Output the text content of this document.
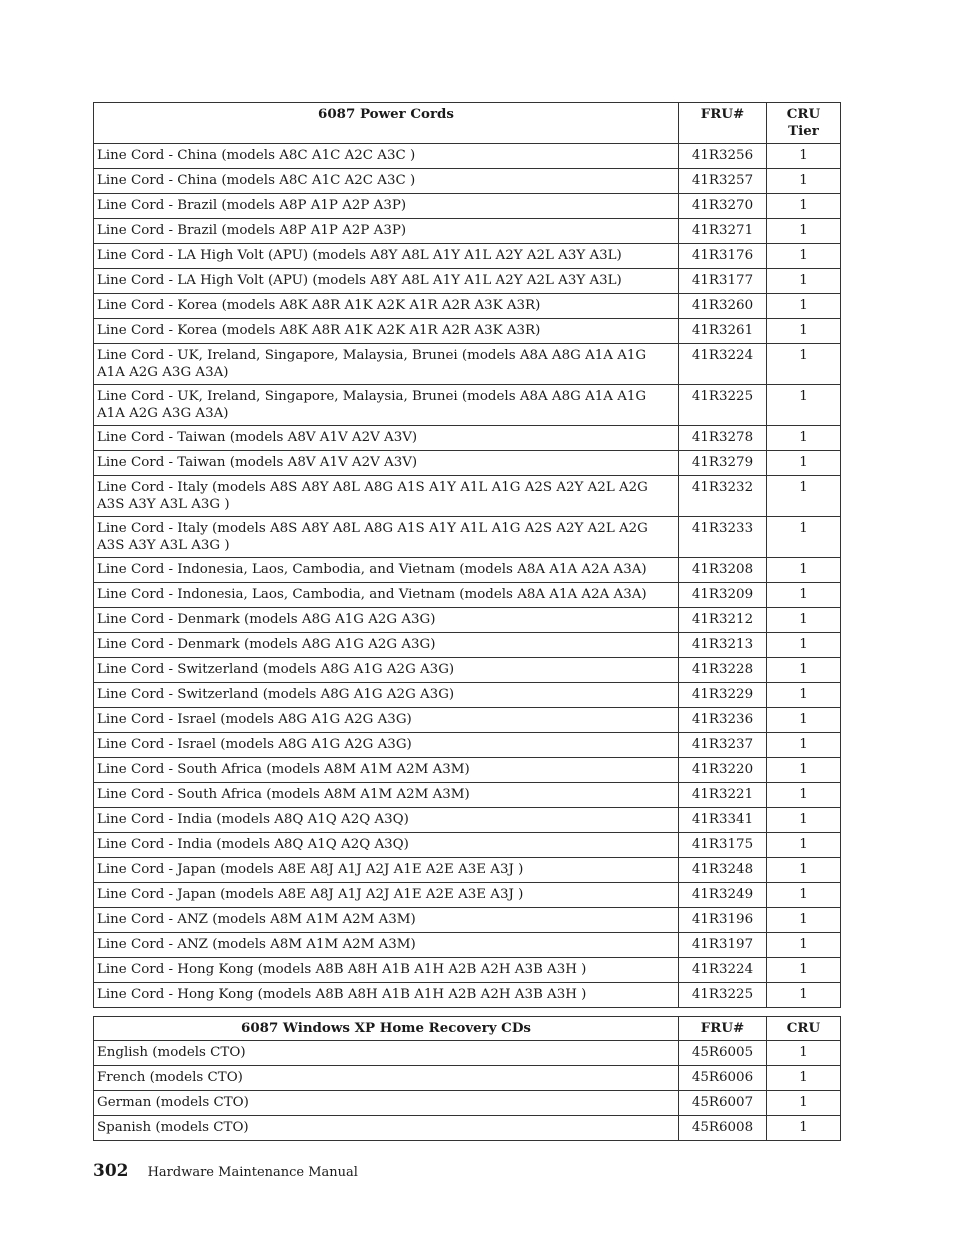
6087 Power Cords	FRU#	CRU Tier
Line Cord - China (models A8C A1C A2C A3C )	41R3256	1
Line Cord - China (models A8C A1C A2C A3C )	41R3257	1
Line Cord - Brazil (models A8P A1P A2P A3P)	41R3270	1
Line Cord - Brazil (models A8P A1P A2P A3P)	41R3271	1
Line Cord - LA High Volt (APU) (models A8Y A8L A1Y A1L A2Y A2L A3Y A3L)	41R3176	1
Line Cord - LA High Volt (APU) (models A8Y A8L A1Y A1L A2Y A2L A3Y A3L)	41R3177	1
Line Cord - Korea (models A8K A8R A1K A2K A1R A2R A3K A3R)	41R3260	1
Line Cord - Korea (models A8K A8R A1K A2K A1R A2R A3K A3R)	41R3261	1
Line Cord - UK, Ireland, Singapore, Malaysia, Brunei (models A8A A8G A1A A1G A1A A2G A3G A3A)	41R3224	1
Line Cord - UK, Ireland, Singapore, Malaysia, Brunei (models A8A A8G A1A A1G A1A A2G A3G A3A)	41R3225	1
Line Cord - Taiwan (models A8V A1V A2V A3V)	41R3278	1
Line Cord - Taiwan (models A8V A1V A2V A3V)	41R3279	1
Line Cord - Italy (models A8S A8Y A8L A8G A1S A1Y A1L A1G A2S A2Y A2L A2G A3S A3Y A3L A3G )	41R3232	1
Line Cord - Italy (models A8S A8Y A8L A8G A1S A1Y A1L A1G A2S A2Y A2L A2G A3S A3Y A3L A3G )	41R3233	1
Line Cord - Indonesia, Laos, Cambodia, and Vietnam (models A8A A1A A2A A3A)	41R3208	1
Line Cord - Indonesia, Laos, Cambodia, and Vietnam (models A8A A1A A2A A3A)	41R3209	1
Line Cord - Denmark (models A8G A1G A2G A3G)	41R3212	1
Line Cord - Denmark (models A8G A1G A2G A3G)	41R3213	1
Line Cord - Switzerland (models A8G A1G A2G A3G)	41R3228	1
Line Cord - Switzerland (models A8G A1G A2G A3G)	41R3229	1
Line Cord - Israel (models A8G A1G A2G A3G)	41R3236	1
Line Cord - Israel (models A8G A1G A2G A3G)	41R3237	1
Line Cord - South Africa (models A8M A1M A2M A3M)	41R3220	1
Line Cord - South Africa (models A8M A1M A2M A3M)	41R3221	1
Line Cord - India (models A8Q A1Q A2Q A3Q)	41R3341	1
Line Cord - India (models A8Q A1Q A2Q A3Q)	41R3175	1
Line Cord - Japan (models A8E A8J A1J A2J A1E A2E A3E A3J )	41R3248	1
Line Cord - Japan (models A8E A8J A1J A2J A1E A2E A3E A3J )	41R3249	1
Line Cord - ANZ (models A8M A1M A2M A3M)	41R3196	1
Line Cord - ANZ (models A8M A1M A2M A3M)	41R3197	1
Line Cord - Hong Kong (models A8B A8H A1B A1H A2B A2H A3B A3H )	41R3224	1
Line Cord - Hong Kong (models A8B A8H A1B A1H A2B A2H A3B A3H )	41R3225	1
6087 Windows XP Home Recovery CDs	FRU#	CRU
English (models CTO)	45R6005	1
French (models CTO)	45R6006	1
German (models CTO)	45R6007	1
Spanish (models CTO)	45R6008	1
302 Hardware Maintenance Manual
